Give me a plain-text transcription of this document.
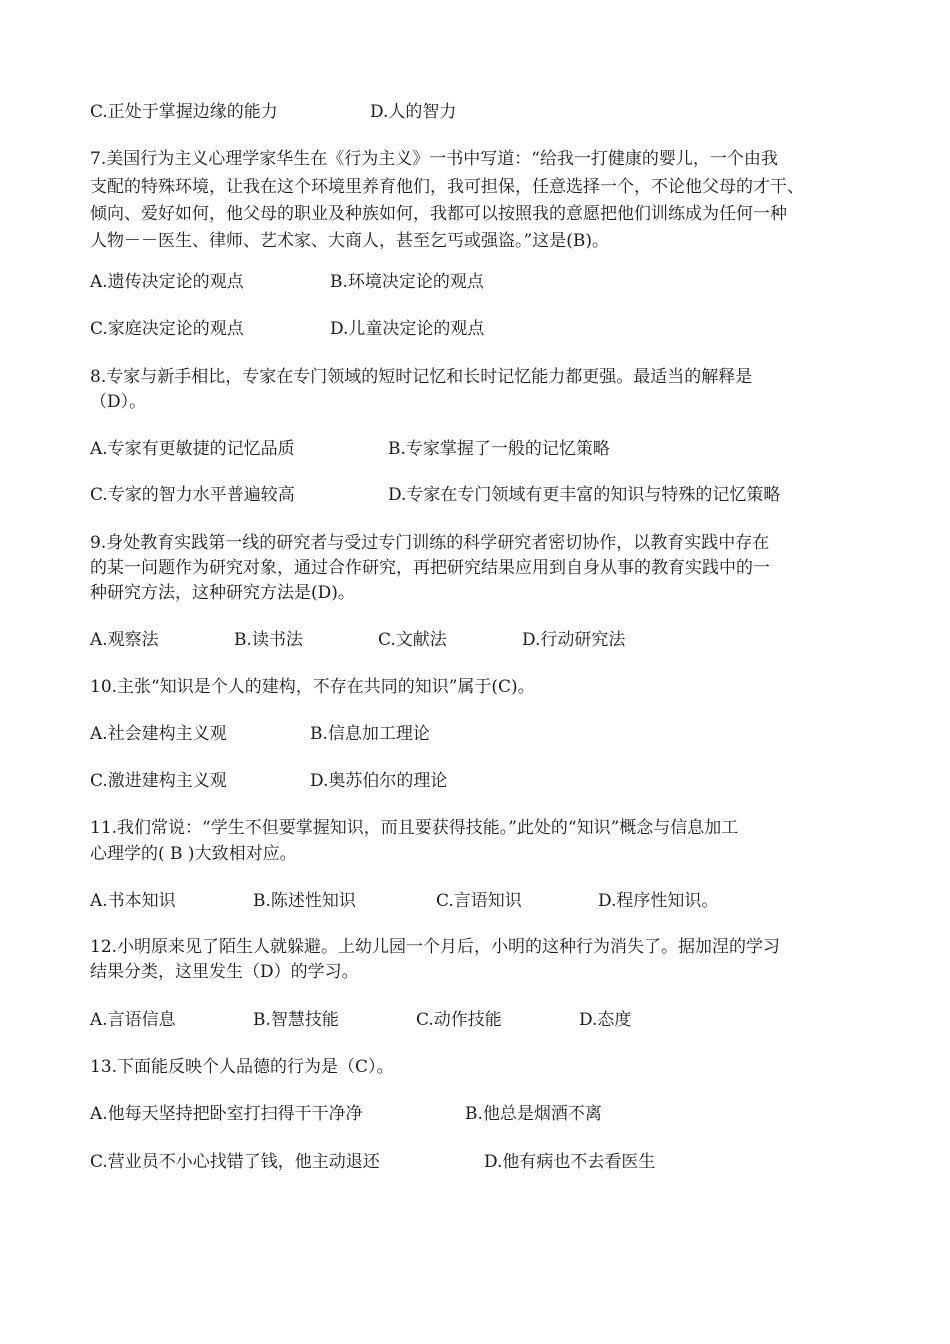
C.正处于掌握边缘的能力	D.人的智力
7.美国行为主义心理学家华生在《行为主义》一书中写道：“给我一打健康的婴儿，一个由我
支配的特殊环境，让我在这个环境里养育他们，我可担保，任意选择一个，不论他父母的才干、
倾向、爱好如何，他父母的职业及种族如何，我都可以按照我的意愿把他们训练成为任何一种
人物－－医生、律师、艺术家、大商人，甚至乞丐或强盗。”这是(B)。
A.遗传决定论的观点	B.环境决定论的观点
C.家庭决定论的观点	D.儿童决定论的观点
8.专家与新手相比，专家在专门领域的短时记忆和长时记忆能力都更强。最适当的解释是
（D）。
A.专家有更敏捷的记忆品质	B.专家掌握了一般的记忆策略
C.专家的智力水平普遍较高	D.专家在专门领域有更丰富的知识与特殊的记忆策略
9.身处教育实践第一线的研究者与受过专门训练的科学研究者密切协作，以教育实践中存在
的某一问题作为研究对象，通过合作研究，再把研究结果应用到自身从事的教育实践中的一
种研究方法，这种研究方法是(D)。
A.观察法	B.读书法	C.文献法	D.行动研究法
10.主张“知识是个人的建构，不存在共同的知识”属于(C)。
A.社会建构主义观	B.信息加工理论
C.激进建构主义观	D.奥苏伯尔的理论
11.我们常说：“学生不但要掌握知识，而且要获得技能。”此处的“知识”概念与信息加工
心理学的( B )大致相对应。
A.书本知识	B.陈述性知识	C.言语知识	D.程序性知识。
12.小明原来见了陌生人就躲避。上幼儿园一个月后，小明的这种行为消失了。据加涅的学习
结果分类，这里发生（D）的学习。
A.言语信息	B.智慧技能	C.动作技能	D.态度
13.下面能反映个人品德的行为是（C）。
A.他每天坚持把卧室打扫得干干净净	B.他总是烟酒不离
C.营业员不小心找错了钱，他主动退还	D.他有病也不去看医生
